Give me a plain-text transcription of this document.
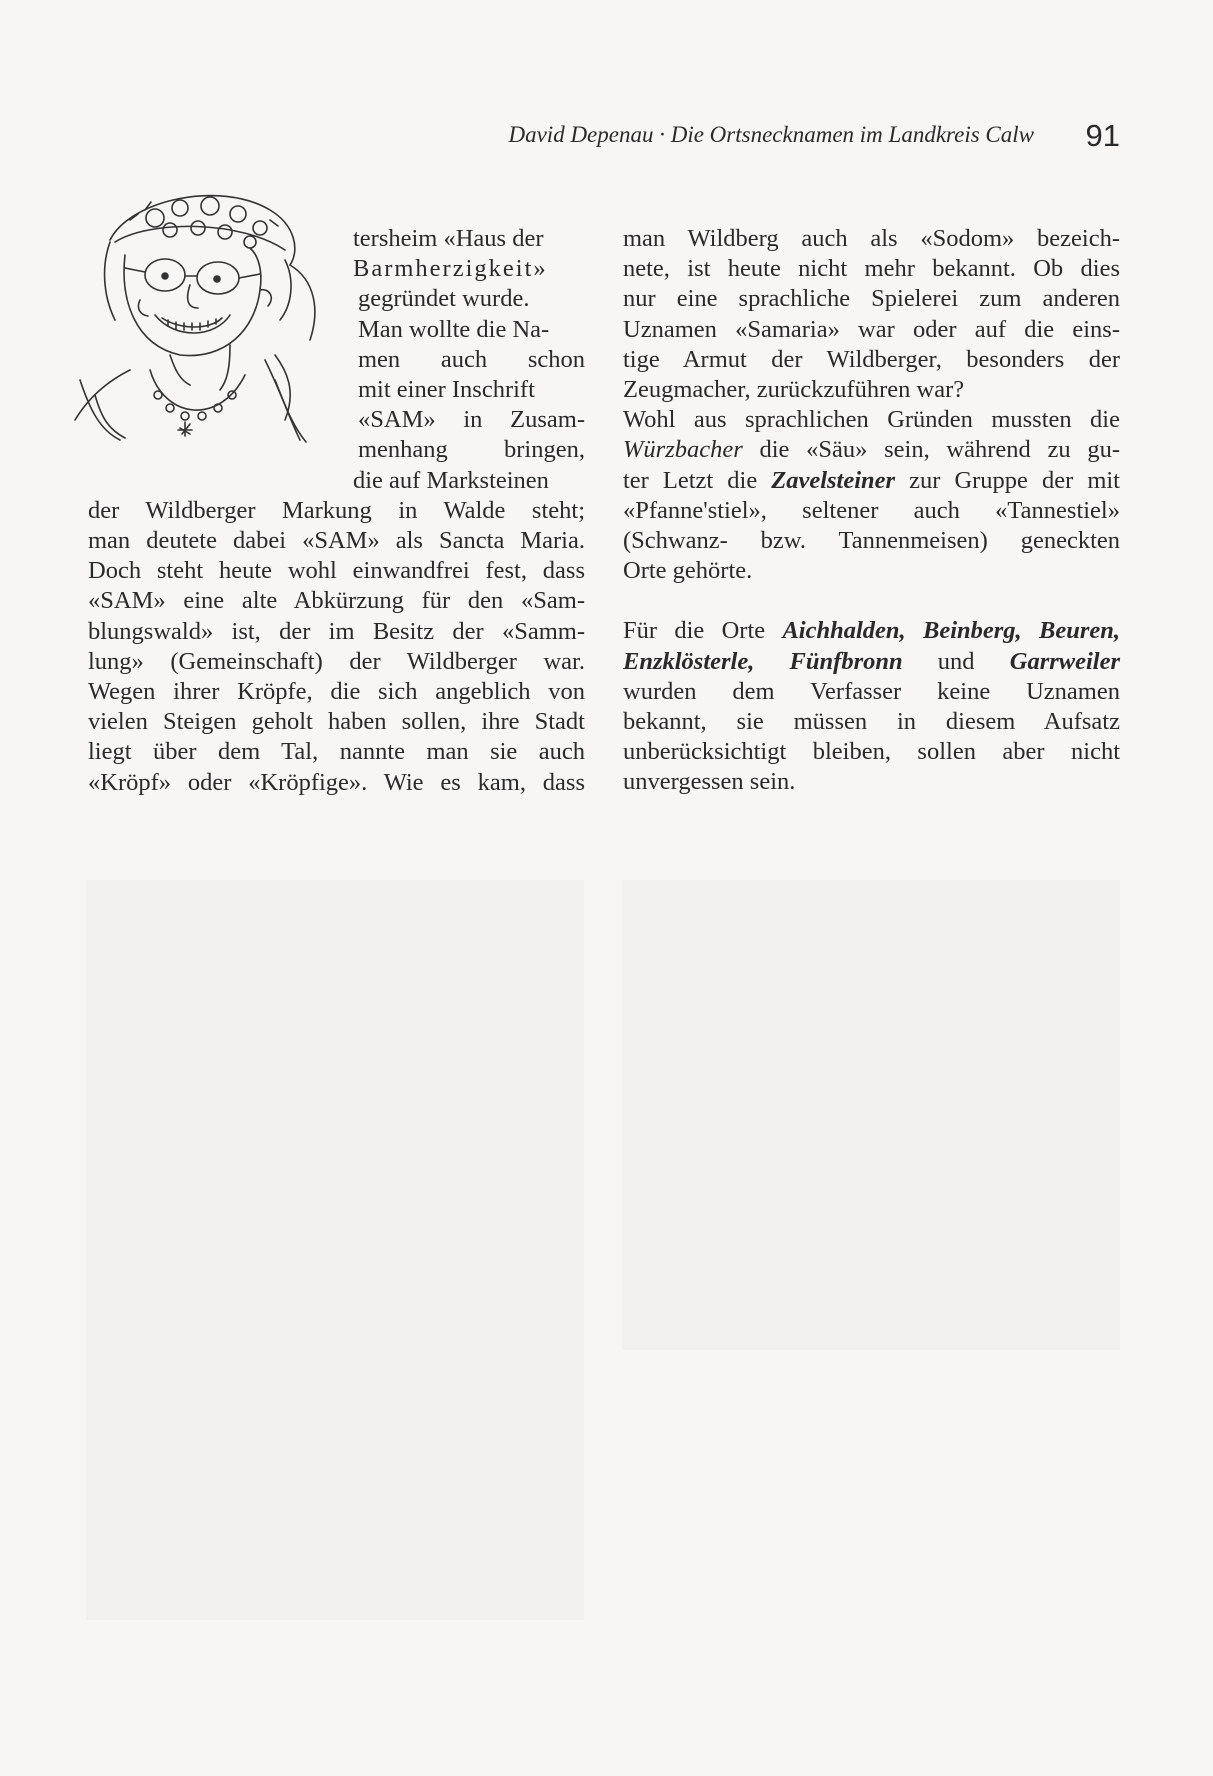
David Depenau · Die Ortsnecknamen im Landkreis Calw 91
tersheim «Haus der
Barmherzigkeit»
gegründet wurde.
Man wollte die Na-
men auch schon
mit einer Inschrift
«SAM» in Zusam-
menhang bringen,
die auf Marksteinen
der Wildberger Markung in Walde steht;
man deutete dabei «SAM» als Sancta Maria.
Doch steht heute wohl einwandfrei fest, dass
«SAM» eine alte Abkürzung für den «Sam-
blungswald» ist, der im Besitz der «Samm-
lung» (Gemeinschaft) der Wildberger war.
Wegen ihrer Kröpfe, die sich angeblich von
vielen Steigen geholt haben sollen, ihre Stadt
liegt über dem Tal, nannte man sie auch
«Kröpf» oder «Kröpfige». Wie es kam, dass
man Wildberg auch als «Sodom» bezeich-
nete, ist heute nicht mehr bekannt. Ob dies
nur eine sprachliche Spielerei zum anderen
Uznamen «Samaria» war oder auf die eins-
tige Armut der Wildberger, besonders der
Zeugmacher, zurückzuführen war?
Wohl aus sprachlichen Gründen mussten die
Würzbacher die «Säu» sein, während zu gu-
ter Letzt die Zavelsteiner zur Gruppe der mit
«Pfanne'stiel», seltener auch «Tannestiel»
(Schwanz- bzw. Tannenmeisen) geneckten
Orte gehörte.
Für die Orte Aichhalden, Beinberg, Beuren,
Enzklösterle, Fünfbronn und Garrweiler
wurden dem Verfasser keine Uznamen
bekannt, sie müssen in diesem Aufsatz
unberücksichtigt bleiben, sollen aber nicht
unvergessen sein.
